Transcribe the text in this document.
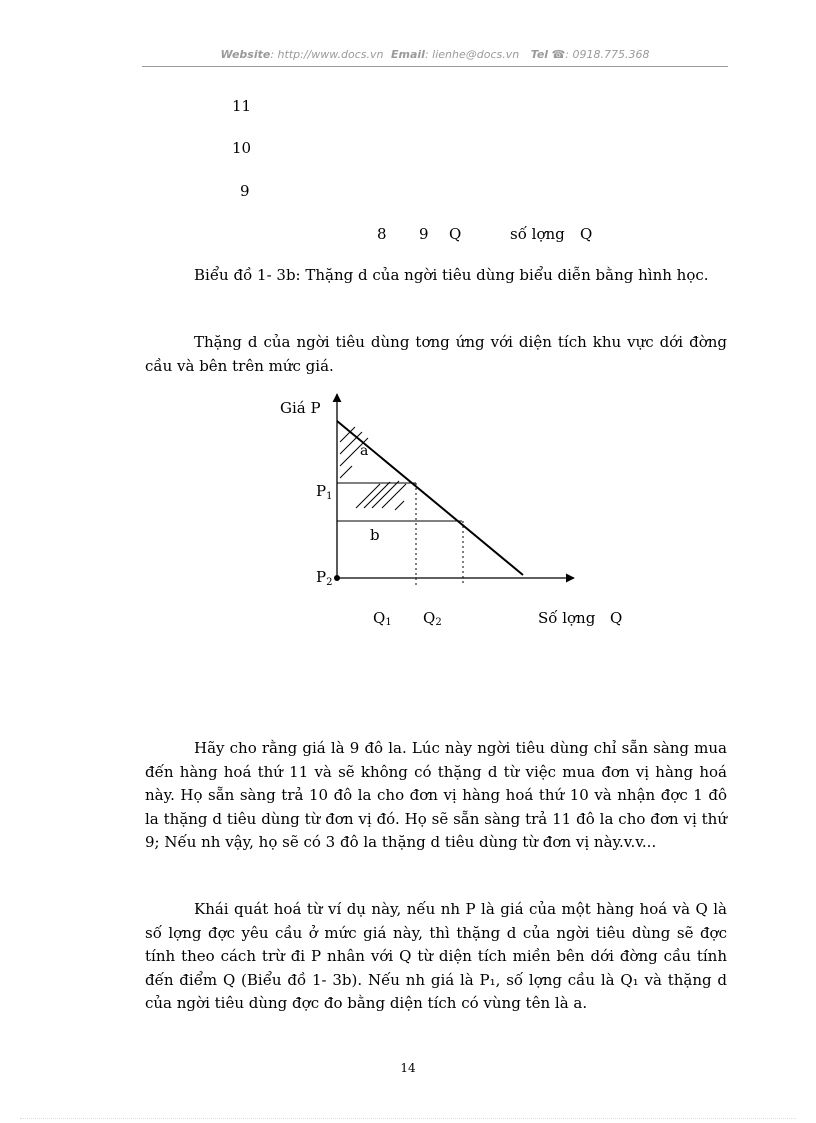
Website: http://www.docs.vn Email: lienhe@docs.vn Tel ☎: 0918.775.368
11
10
9
8 9 Q	số lợng Q

Biểu đồ 1- 3b: Thặng d của ngời tiêu dùng biểu diễn bằng hình học.

Thặng d của ngời tiêu dùng tơng ứng với diện tích khu vực dới đờng cầu và bên trên mức giá.

Giá P
a
b
$P_1$
$P_2$
Q1 Q2	Số lợng Q

Hãy cho rằng giá là 9 đô la. Lúc này ngời tiêu dùng chỉ sẵn sàng mua đến hàng hoá thứ 11 và sẽ không có thặng d từ việc mua đơn vị hàng hoá này. Họ sẵn sàng trả 10 đô la cho đơn vị hàng hoá thứ 10 và nhận đợc 1 đô la thặng d tiêu dùng từ đơn vị đó. Họ sẽ sẵn sàng trả 11 đô la cho đơn vị thứ 9; Nếu nh vậy, họ sẽ có 3 đô la thặng d tiêu dùng từ đơn vị này.v.v...

Khái quát hoá từ ví dụ này, nếu nh P là giá của một hàng hoá và Q là số lợng đợc yêu cầu ở mức giá này, thì thặng d của ngời tiêu dùng sẽ đợc tính theo cách trừ đi P nhân với Q từ diện tích miền bên dới đờng cầu tính đến điểm Q (Biểu đồ 1- 3b). Nếu nh giá là P₁, số lợng cầu là Q₁ và thặng d của ngời tiêu dùng đợc đo bằng diện tích có vùng tên là a.

14
